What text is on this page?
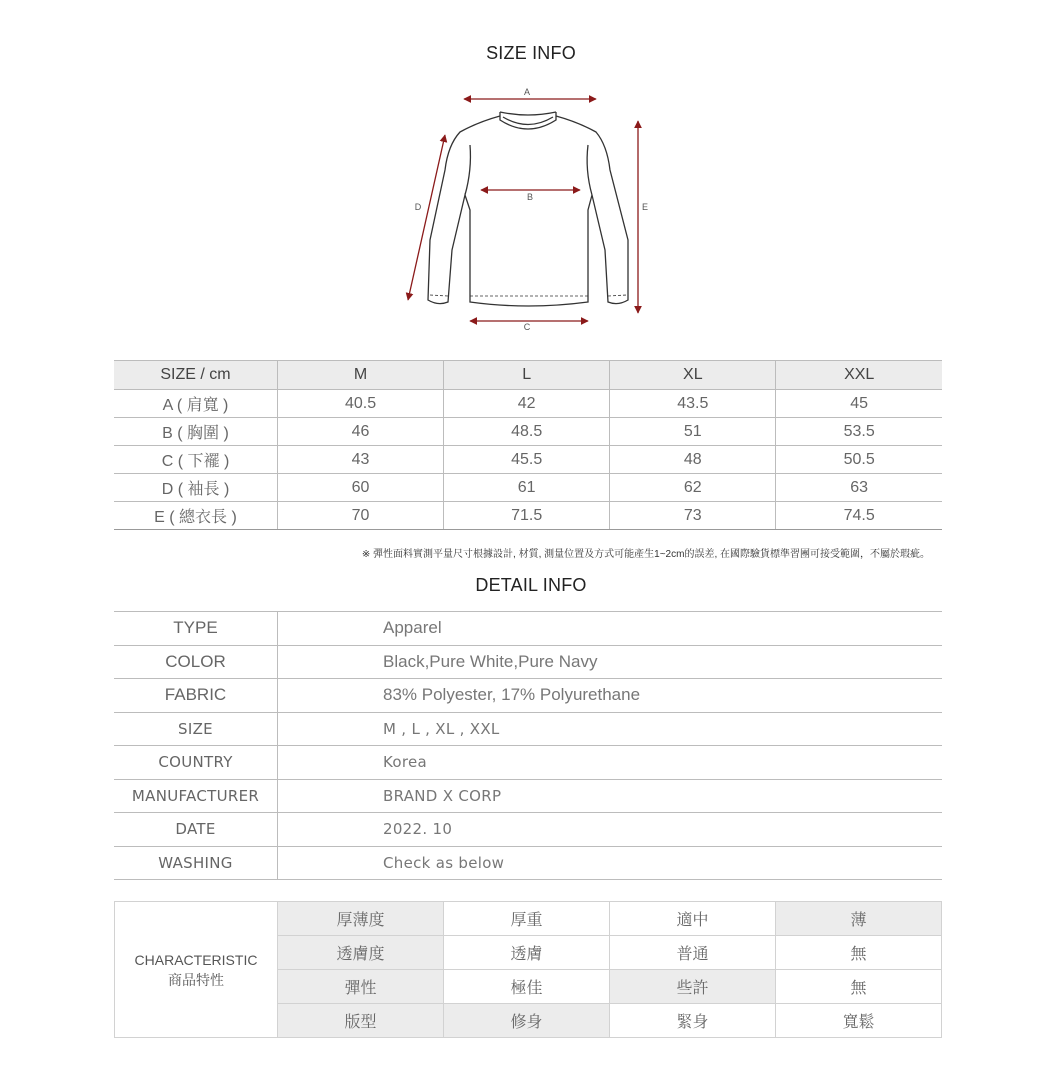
SIZE INFO
A
B
C
D	E
SIZE / cm	M	L	XL	XXL
A ( 肩寬 )	40.5	42	43.5	45
B ( 胸圍 )	46	48.5	51	53.5
C ( 下襬 )	43	45.5	48	50.5
D ( 袖長 )	60	61	62	63
E ( 總衣長 )	70	71.5	73	74.5
※ 彈性面料實測平量尺寸根據設計, 材質, 測量位置及方式可能產生1~2cm的誤差, 在國際驗貨標準習團可接受範圍，不屬於瑕疵。
DETAIL INFO
TYPE	Apparel
COLOR	Black,Pure White,Pure Navy
FABRIC	83% Polyester, 17% Polyurethane
SIZE	M , L , XL , XXL
COUNTRY	Korea
MANUFACTURER	BRAND X CORP
DATE	2022. 10
WASHING	Check as below
CHARACTERISTIC
商品特性	厚薄度	厚重	適中	薄
	透膚度	透膚	普通	無
	彈性	極佳	些許	無
	版型	修身	緊身	寬鬆
